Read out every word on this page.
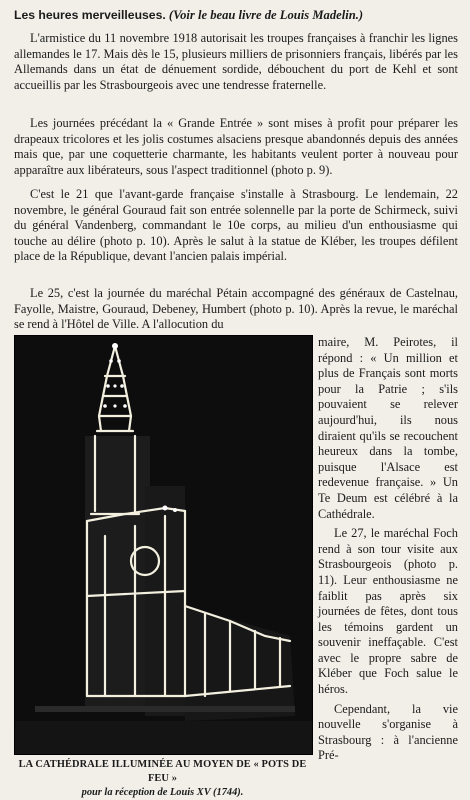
Les heures merveilleuses. (Voir le beau livre de Louis Madelin.)

L'armistice du 11 novembre 1918 autorisait les troupes françaises à franchir les lignes allemandes le 17. Mais dès le 15, plusieurs milliers de prisonniers français, libérés par les Allemands dans un état de dénuement sordide, débouchent du port de Kehl et sont accueillis par les Strasbourgeois avec une tendresse fraternelle.

Les journées précédant la « Grande Entrée » sont mises à profit pour préparer les drapeaux tricolores et les jolis costumes alsaciens presque abandonnés depuis des années mais que, par une coquetterie charmante, les habitants veulent porter à nouveau pour apparaître aux libérateurs, sous l'aspect traditionnel (photo p. 9).

C'est le 21 que l'avant-garde française s'installe à Strasbourg. Le lendemain, 22 novembre, le général Gouraud fait son entrée solennelle par la porte de Schirmeck, suivi du général Vandenberg, commandant le 10e corps, au milieu d'un enthousiasme qui touche au délire (photo p. 10). Après le salut à la statue de Kléber, les troupes défilent place de la République, devant l'ancien palais impérial.

Le 25, c'est la journée du maréchal Pétain accompagné des généraux de Castelnau, Fayolle, Maistre, Gouraud, Debeney, Humbert (photo p. 10). Après la revue, le maréchal se rend à l'Hôtel de Ville. A l'allocution du

LA CATHÉDRALE ILLUMINÉE AU MOYEN DE « POTS DE FEU »
pour la réception de Louis XV (1744).

maire, M. Peirotes, il répond : « Un million et plus de Français sont morts pour la Patrie ; s'ils pouvaient se relever aujourd'hui, ils nous diraient qu'ils se recouchent heureux dans la tombe, puisque l'Alsace est redevenue française. » Un Te Deum est célébré à la Cathédrale.

Le 27, le maréchal Foch rend à son tour visite aux Strasbourgeois (photo p. 11). Leur enthousiasme ne faiblit pas après six journées de fêtes, dont tous les témoins gardent un souvenir ineffaçable. C'est avec le propre sabre de Kléber que Foch salue le héros.

Cependant, la vie nouvelle s'organise à Strasbourg : à l'ancienne Pré-
